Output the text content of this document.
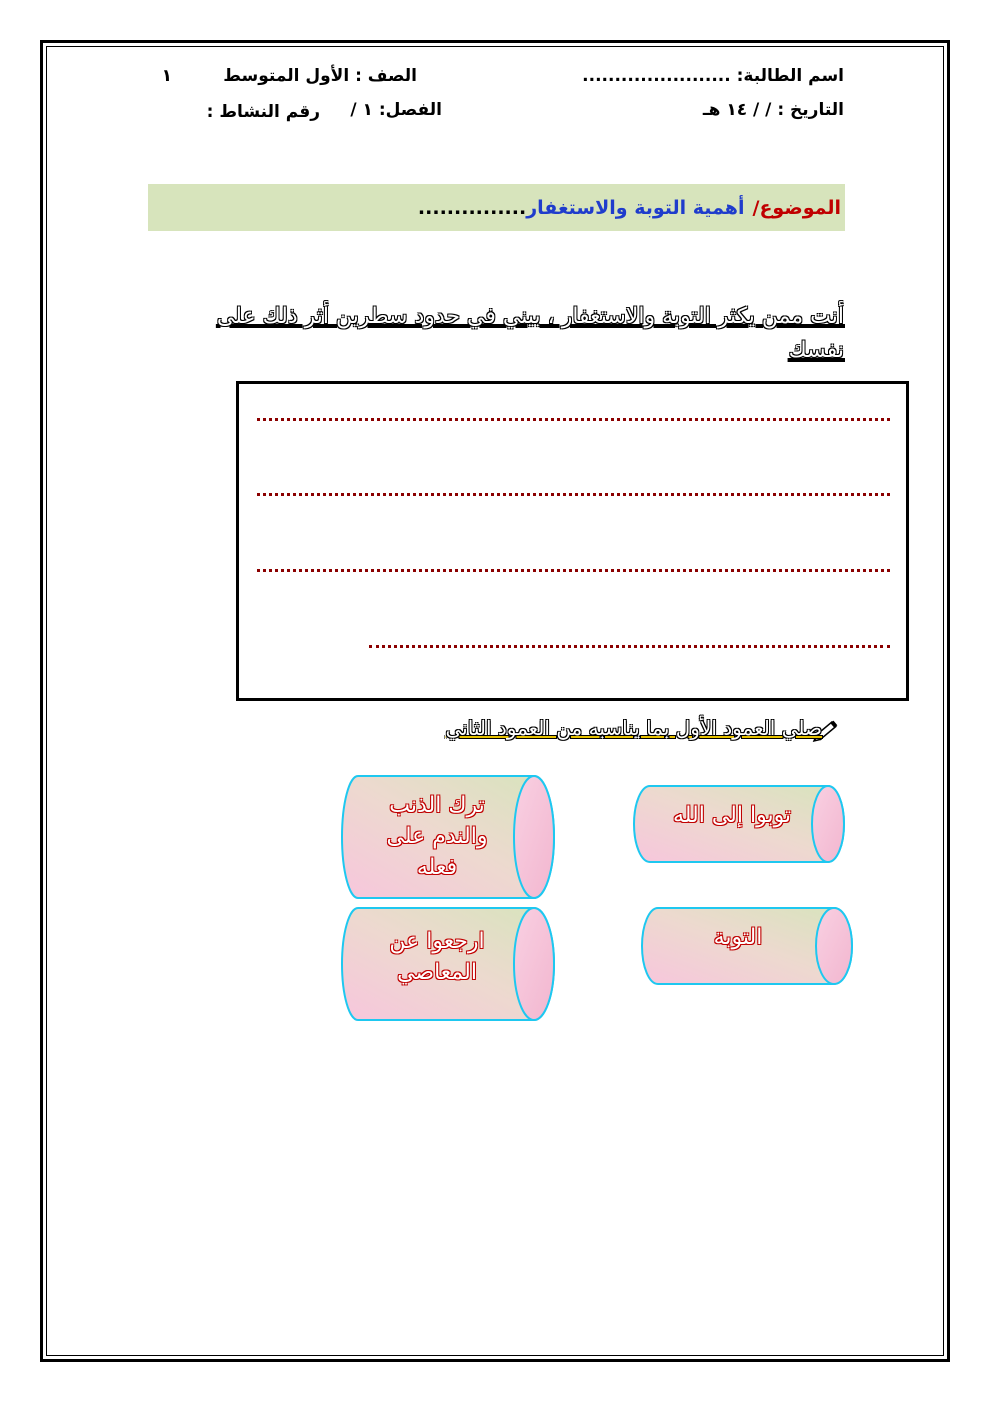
اسم الطالبة: .......................
الصف : الأول المتوسط
١
التاريخ : / / ١٤ هـ
الفصل: ١ /
رقم النشاط :
الموضوع/
أهمية التوبة والاستغفار
...............
أنت ممن يكثر التوبة والاستغفار ، بيني في حدود سطرين أثر ذلك على نفسك
صلي العمود الأول بما يناسبه من العمود الثاني
توبوا إلى الله
التوبة
ترك الذنب والندم على فعله
ارجعوا عن المعاصي
